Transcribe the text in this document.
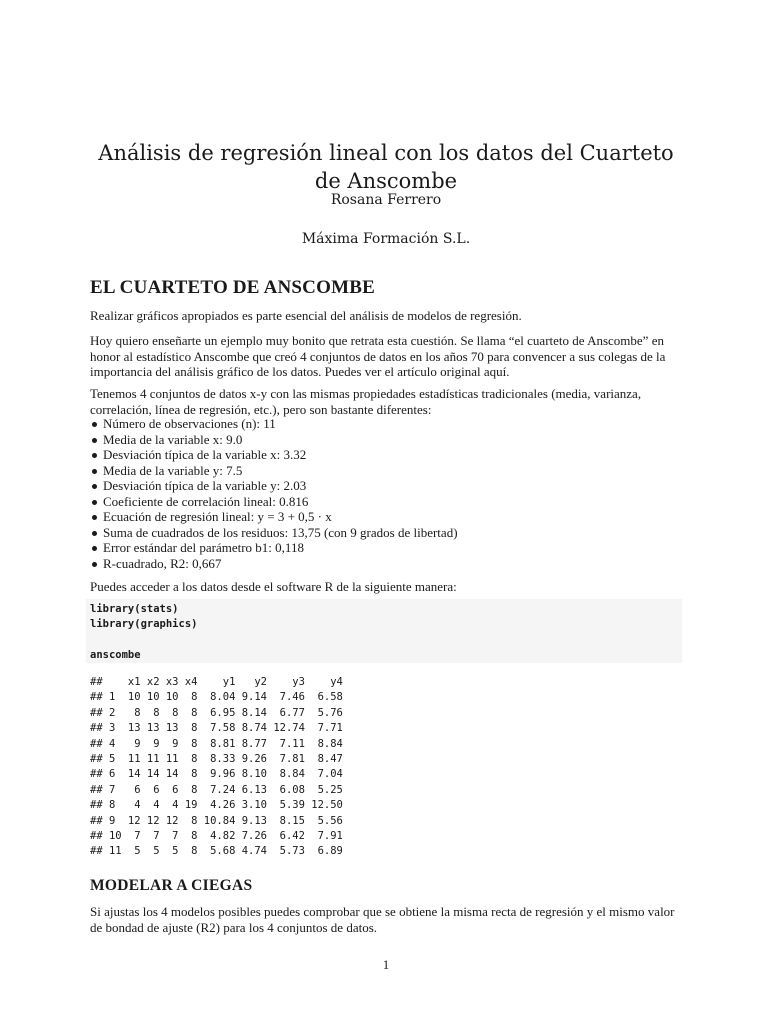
Análisis de regresión lineal con los datos del Cuarteto de Anscombe
Rosana Ferrero
Máxima Formación S.L.
EL CUARTETO DE ANSCOMBE

Realizar gráficos apropiados es parte esencial del análisis de modelos de regresión.

Hoy quiero enseñarte un ejemplo muy bonito que retrata esta cuestión. Se llama “el cuarteto de Anscombe” en honor al estadístico Anscombe que creó 4 conjuntos de datos en los años 70 para convencer a sus colegas de la importancia del análisis gráfico de los datos. Puedes ver el artículo original aquí.

Tenemos 4 conjuntos de datos x-y con las mismas propiedades estadísticas tradicionales (media, varianza, correlación, línea de regresión, etc.), pero son bastante diferentes:

Número de observaciones (n): 11
Media de la variable x: 9.0
Desviación típica de la variable x: 3.32
Media de la variable y: 7.5
Desviación típica de la variable y: 2.03
Coeficiente de correlación lineal: 0.816
Ecuación de regresión lineal: y = 3 + 0,5 · x
Suma de cuadrados de los residuos: 13,75 (con 9 grados de libertad)
Error estándar del parámetro b1: 0,118
R-cuadrado, R2: 0,667

Puedes acceder a los datos desde el software R de la siguiente manera:

library(stats)
library(graphics)
anscombe
##    x1 x2 x3 x4    y1   y2    y3    y4
## 1  10 10 10  8  8.04 9.14  7.46  6.58
## 2   8  8  8  8  6.95 8.14  6.77  5.76
## 3  13 13 13  8  7.58 8.74 12.74  7.71
## 4   9  9  9  8  8.81 8.77  7.11  8.84
## 5  11 11 11  8  8.33 9.26  7.81  8.47
## 6  14 14 14  8  9.96 8.10  8.84  7.04
## 7   6  6  6  8  7.24 6.13  6.08  5.25
## 8   4  4  4 19  4.26 3.10  5.39 12.50
## 9  12 12 12  8 10.84 9.13  8.15  5.56
## 10  7  7  7  8  4.82 7.26  6.42  7.91
## 11  5  5  5  8  5.68 4.74  5.73  6.89
MODELAR A CIEGAS

Si ajustas los 4 modelos posibles puedes comprobar que se obtiene la misma recta de regresión y el mismo valor de bondad de ajuste (R2) para los 4 conjuntos de datos.

1
